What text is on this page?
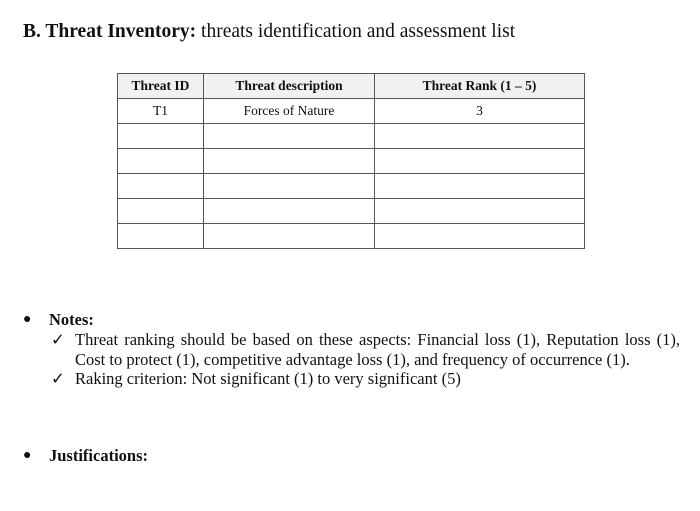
B. Threat Inventory: threats identification and assessment list
Threat ID	Threat description	Threat Rank (1 – 5)
T1	Forces of Nature	3

● Notes:
✓ Threat ranking should be based on these aspects: Financial loss (1), Reputation loss (1), Cost to protect (1), competitive advantage loss (1), and frequency of occurrence (1).
✓ Raking criterion: Not significant (1) to very significant (5)
● Justifications:
